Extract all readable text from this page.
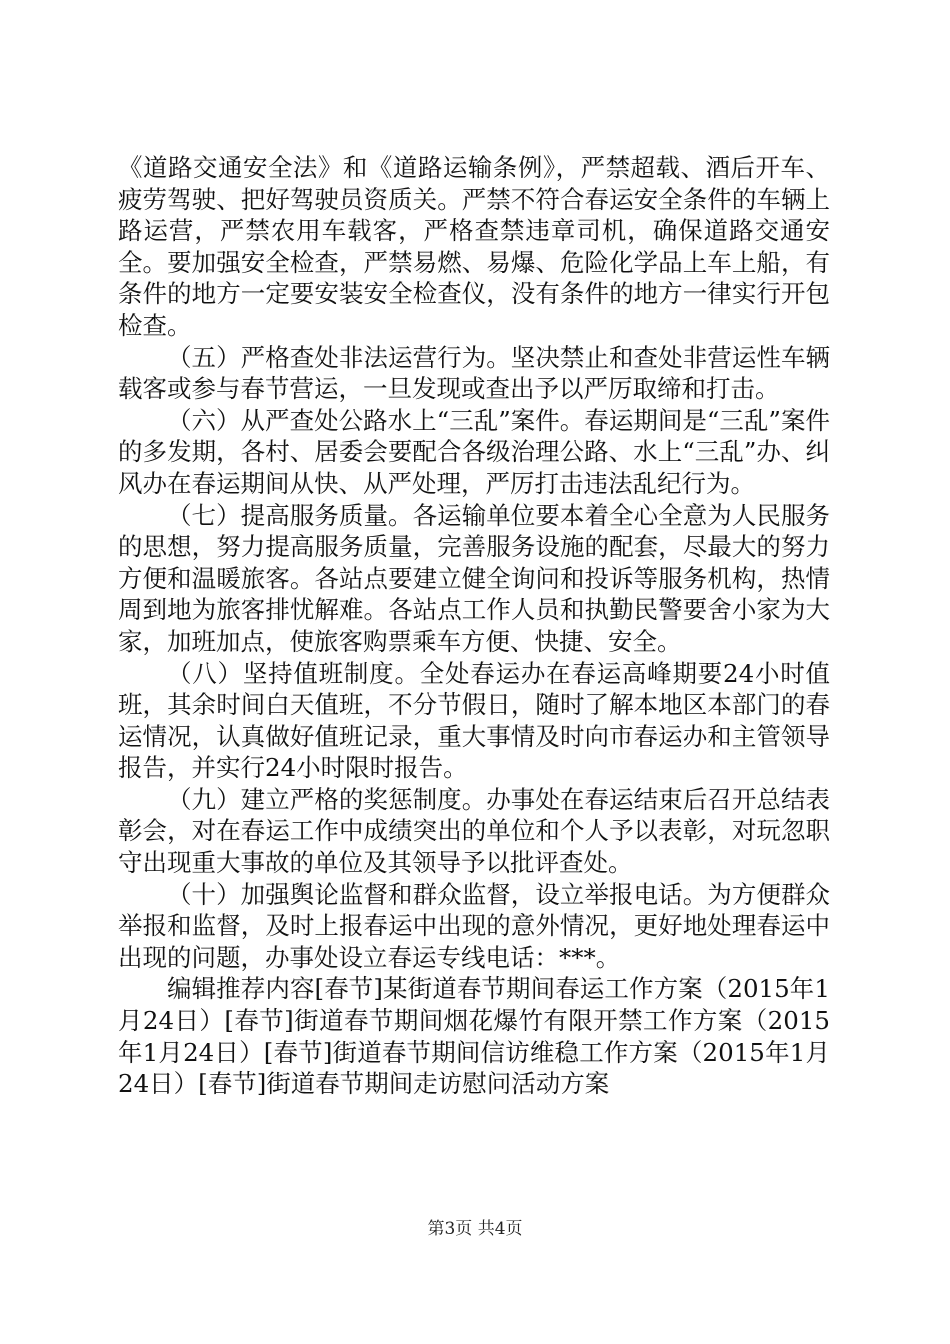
《道路交通安全法》和《道路运输条例》，严禁超载、酒后开车、疲劳驾驶、把好驾驶员资质关。严禁不符合春运安全条件的车辆上路运营，严禁农用车载客，严格查禁违章司机，确保道路交通安全。要加强安全检查，严禁易燃、易爆、危险化学品上车上船，有条件的地方一定要安装安全检查仪，没有条件的地方一律实行开包检查。

（五）严格查处非法运营行为。坚决禁止和查处非营运性车辆载客或参与春节营运，一旦发现或查出予以严厉取缔和打击。

（六）从严查处公路水上“三乱”案件。春运期间是“三乱”案件的多发期，各村、居委会要配合各级治理公路、水上“三乱”办、纠风办在春运期间从快、从严处理，严厉打击违法乱纪行为。

（七）提高服务质量。各运输单位要本着全心全意为人民服务的思想，努力提高服务质量，完善服务设施的配套，尽最大的努力方便和温暖旅客。各站点要建立健全询问和投诉等服务机构，热情周到地为旅客排忧解难。各站点工作人员和执勤民警要舍小家为大家，加班加点，使旅客购票乘车方便、快捷、安全。

（八）坚持值班制度。全处春运办在春运高峰期要24小时值班，其余时间白天值班，不分节假日，随时了解本地区本部门的春运情况，认真做好值班记录，重大事情及时向市春运办和主管领导报告，并实行24小时限时报告。

（九）建立严格的奖惩制度。办事处在春运结束后召开总结表彰会，对在春运工作中成绩突出的单位和个人予以表彰，对玩忽职守出现重大事故的单位及其领导予以批评查处。

（十）加强舆论监督和群众监督，设立举报电话。为方便群众举报和监督，及时上报春运中出现的意外情况，更好地处理春运中出现的问题，办事处设立春运专线电话：***。

编辑推荐内容[春节]某街道春节期间春运工作方案（2015年1月24日）[春节]街道春节期间烟花爆竹有限开禁工作方案（2015年1月24日）[春节]街道春节期间信访维稳工作方案（2015年1月24日）[春节]街道春节期间走访慰问活动方案

第3页 共4页
